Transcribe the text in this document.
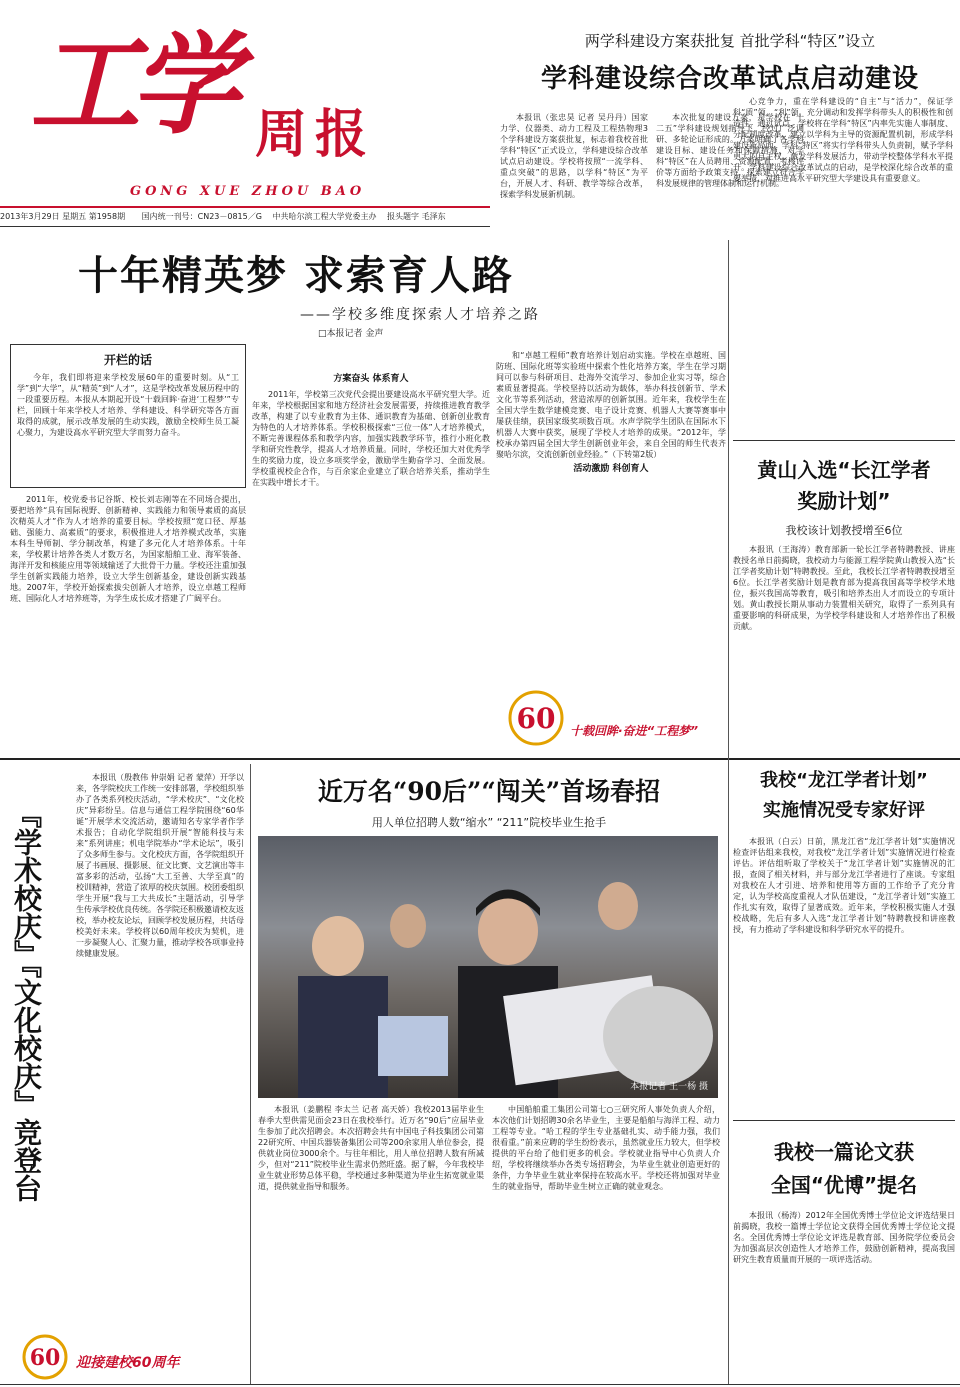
工学 周报
GONG XUE ZHOU BAO
2013年3月29日 星期五 第1958期 国内统一刊号：CN23－0815／G 中共哈尔滨工程大学党委主办 报头题字 毛泽东
两学科建设方案获批复 首批学科“特区”设立
学科建设综合改革试点启动建设

本报讯（张忠昊 记者 吴丹丹）国家力学、仪器类、动力工程及工程热物理3个学科建设方案获批复，标志着我校首批学科“特区”正式设立，学科建设综合改革试点启动建设。学校将按照“一流学科、重点突破”的思路，以学科“特区”为平台，开展人才、科研、教学等综合改革，探索学科发展新机制。

本次批复的建设方案，是学校在“十二五”学科建设规划指导下，经过广泛调研、多轮论证形成的。方案明确了各学科建设目标、建设任务和保障措施，对学科“特区”在人员聘用、资源配置、考核评价等方面给予政策支持，探索建立符合学科发展规律的管理体制和运行机制。

心竞争力，重在学科建设的“自主”与“活力”，保证学科“质”领、“利”领，充分调动和发挥学科带头人的积极性和创造性。通过试点，学校将在学科“特区”内率先实施人事制度、分配制度改革，建立以学科为主导的资源配置机制，形成学科建设新局面。学科“特区”将实行学科带头人负责制，赋予学科更大的自主权，激发学科发展活力，带动学校整体学科水平提升。学科建设综合改革试点的启动，是学校深化综合改革的重要举措，对推进高水平研究型大学建设具有重要意义。

十年精英梦 求索育人路
——学校多维度探索人才培养之路
□本报记者 金声
开栏的话

今年，我们即将迎来学校发展60年的重要时刻。从“工学”到“大学”，从“精英”到“人才”，这是学校改革发展历程中的一段重要历程。本报从本期起开设“十载回眸·奋进‘工程梦’”专栏，回顾十年来学校人才培养、学科建设、科学研究等各方面取得的成就，展示改革发展的生动实践，激励全校师生员工凝心聚力，为建设高水平研究型大学而努力奋斗。

2011年，校党委书记谷斯、校长刘志刚等在不同场合提出，要把培养“具有国际视野、创新精神、实践能力和领导素质的高层次精英人才”作为人才培养的重要目标。学校按照“宽口径、厚基础、强能力、高素质”的要求，积极推进人才培养模式改革，实施本科生导师制、学分制改革，构建了多元化人才培养体系。十年来，学校累计培养各类人才数万名，为国家船舶工业、海军装备、海洋开发和核能应用等领域输送了大批骨干力量。学校还注重加强学生创新实践能力培养，设立大学生创新基金，建设创新实践基地。2007年，学校开始探索拔尖创新人才培养，设立卓越工程师班、国际化人才培养班等，为学生成长成才搭建了广阔平台。

方案奋头 体系育人

2011年，学校第三次党代会提出要建设高水平研究型大学。近年来，学校根据国家和地方经济社会发展需要，持续推进教育教学改革，构建了以专业教育为主体、通识教育为基础、创新创业教育为特色的人才培养体系。学校积极探索“三位一体”人才培养模式，不断完善课程体系和教学内容，加强实践教学环节，推行小班化教学和研究性教学，提高人才培养质量。同时，学校还加大对优秀学生的奖励力度，设立多项奖学金，激励学生勤奋学习、全面发展。学校重视校企合作，与百余家企业建立了联合培养关系，推动学生在实践中增长才干。

和“卓越工程师”教育培养计划启动实施。学校在卓越班、国防班、国际化班等实验班中探索个性化培养方案，学生在学习期间可以参与科研项目、赴海外交流学习、参加企业实习等，综合素质显著提高。学校坚持以活动为载体，举办科技创新节、学术文化节等系列活动，营造浓厚的创新氛围。近年来，我校学生在全国大学生数学建模竞赛、电子设计竞赛、机器人大赛等赛事中屡获佳绩，获国家级奖项数百项。水声学院学生团队在国际水下机器人大赛中获奖，展现了学校人才培养的成果。“2012年，学校承办第四届全国大学生创新创业年会，来自全国的师生代表齐聚哈尔滨，交流创新创业经验。”（下转第2版）

活动激励 科创育人
60 十载回眸·奋进“工程梦”
黄山入选“长江学者
奖励计划”
我校该计划教授增至6位

本报讯（王海涛）教育部新一轮长江学者特聘教授、讲座教授名单日前揭晓，我校动力与能源工程学院黄山教授入选“长江学者奖励计划”特聘教授。至此，我校长江学者特聘教授增至6位。长江学者奖励计划是教育部为提高我国高等学校学术地位，振兴我国高等教育，吸引和培养杰出人才而设立的专项计划。黄山教授长期从事动力装置相关研究，取得了一系列具有重要影响的科研成果，为学校学科建设和人才培养作出了积极贡献。

我校“龙江学者计划”
实施情况受专家好评

本报讯（白云）日前，黑龙江省“龙江学者计划”实施情况检查评估组来我校，对我校“龙江学者计划”实施情况进行检查评估。评估组听取了学校关于“龙江学者计划”实施情况的汇报，查阅了相关材料，并与部分龙江学者进行了座谈。专家组对我校在人才引进、培养和使用等方面的工作给予了充分肯定，认为学校高度重视人才队伍建设，“龙江学者计划”实施工作扎实有效，取得了显著成效。近年来，学校积极实施人才强校战略，先后有多人入选“龙江学者计划”特聘教授和讲座教授，有力推动了学科建设和科学研究水平的提升。

我校一篇论文获
全国“优博”提名

本报讯（杨涛）2012年全国优秀博士学位论文评选结果日前揭晓，我校一篇博士学位论文获得全国优秀博士学位论文提名。全国优秀博士学位论文评选是教育部、国务院学位委员会为加强高层次创造性人才培养工作，鼓励创新精神，提高我国研究生教育质量而开展的一项评选活动。

『学术校庆』
『文化校庆』竞登台

本报讯（殷教伟 仲崇娟 记者 蒙萍）开学以来，各学院校庆工作统一安排部署，学校组织举办了各类系列校庆活动，“学术校庆”、“文化校庆”异彩纷呈。信息与通信工程学院围绕“60华诞”开展学术交流活动，邀请知名专家学者作学术报告；自动化学院组织开展“智能科技与未来”系列讲座；机电学院举办“学术论坛”，吸引了众多师生参与。文化校庆方面，各学院组织开展了书画展、摄影展、征文比赛、文艺演出等丰富多彩的活动，弘扬“大工至善、大学至真”的校训精神，营造了浓厚的校庆氛围。校团委组织学生开展“我与工大共成长”主题活动，引导学生传承学校优良传统。各学院还积极邀请校友返校，举办校友论坛，回顾学校发展历程，共话母校美好未来。学校将以60周年校庆为契机，进一步凝聚人心、汇聚力量，推动学校各项事业持续健康发展。

60 迎接建校60周年
近万名“90后”“闯关”首场春招
用人单位招聘人数“缩水” “211”院校毕业生抢手
本报记者 王一杨 摄

本报讯（姜鹏程 李太兰 记者 高天娇）我校2013届毕业生春季大型供需见面会23日在我校举行。近万名“90后”应届毕业生参加了此次招聘会。本次招聘会共有中国电子科技集团公司第22研究所、中国兵器装备集团公司等200余家用人单位参会，提供就业岗位3000余个。与往年相比，用人单位招聘人数有所减少，但对“211”院校毕业生需求仍然旺盛。据了解，今年我校毕业生就业形势总体平稳，学校通过多种渠道为毕业生拓宽就业渠道，提供就业指导和服务。

中国船舶重工集团公司第七○三研究所人事处负责人介绍，本次他们计划招聘30余名毕业生，主要是船舶与海洋工程、动力工程等专业。“哈工程的学生专业基础扎实、动手能力强，我们很看重。”前来应聘的学生纷纷表示，虽然就业压力较大，但学校提供的平台给了他们更多的机会。学校就业指导中心负责人介绍，学校将继续举办各类专场招聘会，为毕业生就业创造更好的条件，力争毕业生就业率保持在较高水平。学校还将加强对毕业生的就业指导，帮助毕业生树立正确的就业观念。
